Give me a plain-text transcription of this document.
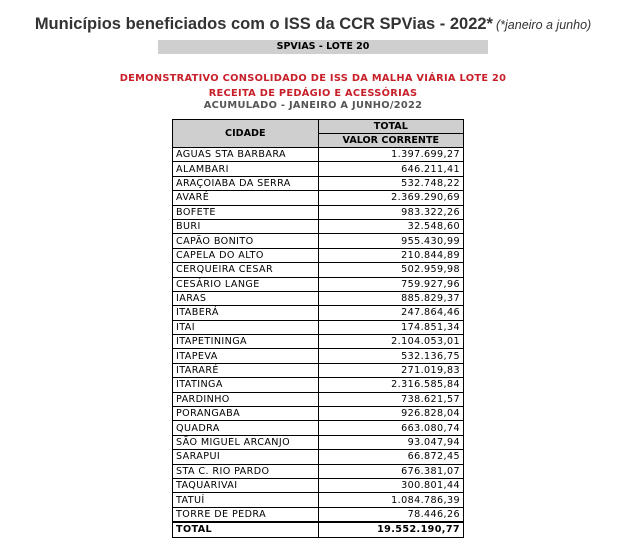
Municípios beneficiados com o ISS da CCR SPVias - 2022* (*janeiro a junho)
SPVIAS - LOTE 20
DEMONSTRATIVO CONSOLIDADO DE ISS DA MALHA VIÁRIA LOTE 20
RECEITA DE PEDÁGIO E ACESSÓRIAS
ACUMULADO - JANEIRO A JUNHO/2022
CIDADE	TOTAL
	VALOR CORRENTE
AGUAS STA BARBARA	1.397.699,27
ALAMBARI	646.211,41
ARAÇOIABA DA SERRA	532.748,22
AVARÉ	2.369.290,69
BOFETE	983.322,26
BURI	32.548,60
CAPÃO BONITO	955.430,99
CAPELA DO ALTO	210.844,89
CERQUEIRA CESAR	502.959,98
CESÁRIO LANGE	759.927,96
IARAS	885.829,37
ITABERÁ	247.864,46
ITAI	174.851,34
ITAPETININGA	2.104.053,01
ITAPEVA	532.136,75
ITARARÉ	271.019,83
ITATINGA	2.316.585,84
PARDINHO	738.621,57
PORANGABA	926.828,04
QUADRA	663.080,74
SÃO MIGUEL ARCANJO	93.047,94
SARAPUI	66.872,45
STA C. RIO PARDO	676.381,07
TAQUARIVAI	300.801,44
TATUÍ	1.084.786,39
TORRE DE PEDRA	78.446,26
TOTAL	19.552.190,77
